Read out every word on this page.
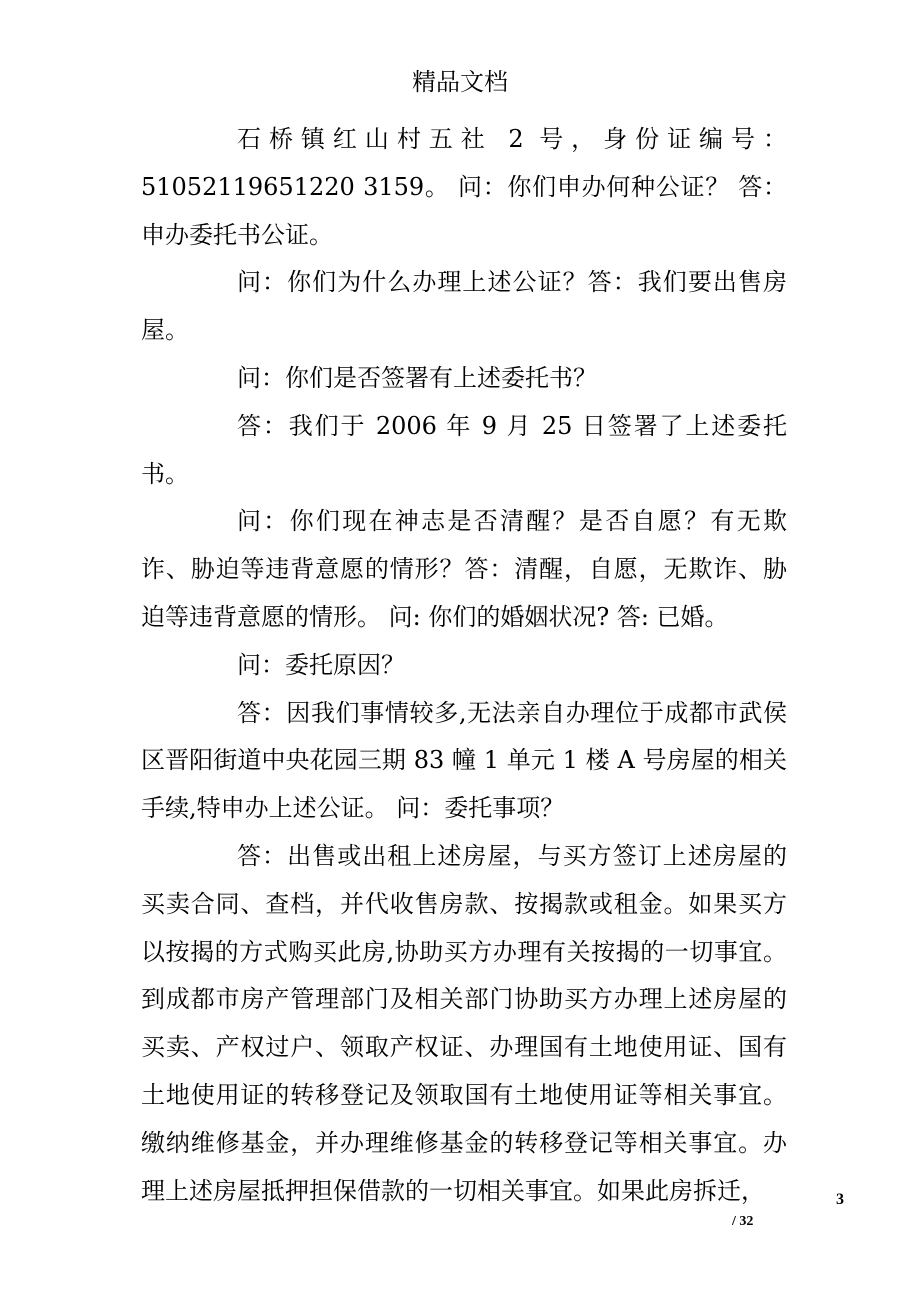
精品文档

石桥镇红山村五社 2 号，身份证编号：51052119651220 3159。 问：你们申办何种公证？ 答：申办委托书公证。

问：你们为什么办理上述公证？答：我们要出售房屋。

问：你们是否签署有上述委托书？

答：我们于 2006 年 9 月 25 日签署了上述委托书。

问：你们现在神志是否清醒？是否自愿？有无欺诈、胁迫等违背意愿的情形？答：清醒，自愿，无欺诈、胁迫等违背意愿的情形。 问: 你们的婚姻状况? 答: 已婚。

问：委托原因？

答：因我们事情较多,无法亲自办理位于成都市武侯区晋阳街道中央花园三期 83 幢 1 单元 1 楼 A 号房屋的相关手续,特申办上述公证。 问：委托事项？

答：出售或出租上述房屋，与买方签订上述房屋的买卖合同、查档，并代收售房款、按揭款或租金。如果买方以按揭的方式购买此房,协助买方办理有关按揭的一切事宜。到成都市房产管理部门及相关部门协助买方办理上述房屋的买卖、产权过户、领取产权证、办理国有土地使用证、国有土地使用证的转移登记及领取国有土地使用证等相关事宜。缴纳维修基金，并办理维修基金的转移登记等相关事宜。办理上述房屋抵押担保借款的一切相关事宜。如果此房拆迁，	3
/ 32
